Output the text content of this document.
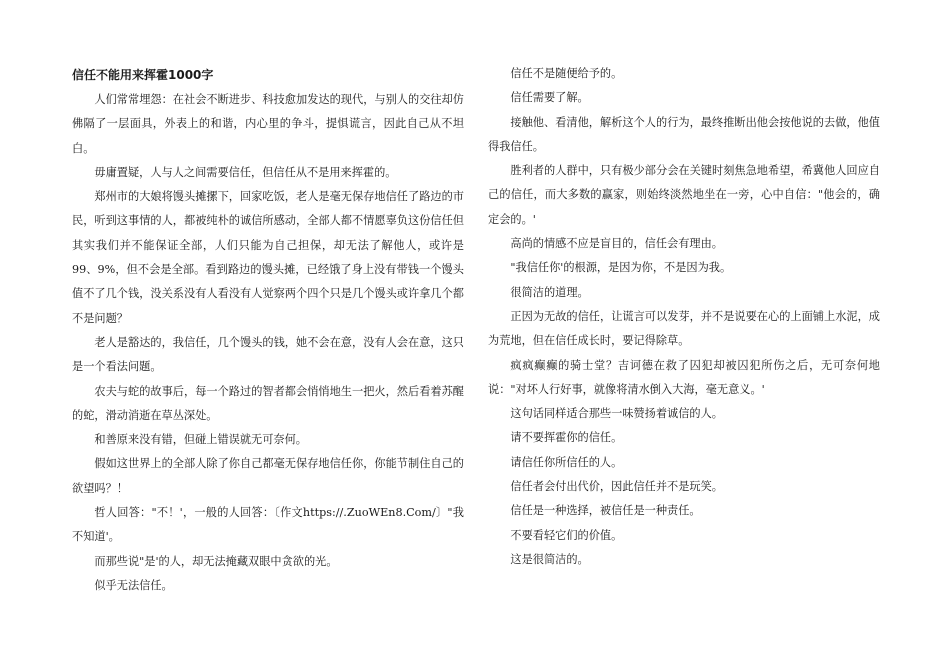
信任不能用来挥霍1000字

人们常常埋怨：在社会不断进步、科技愈加发达的现代，与别人的交往却仿佛隔了一层面具，外表上的和谐，内心里的争斗，提惧谎言，因此自己从不坦白。

毋庸置疑，人与人之间需要信任，但信任从不是用来挥霍的。

郑州市的大娘将馒头摊摞下，回家吃饭，老人是毫无保存地信任了路边的市民，听到这事情的人，都被纯朴的诚信所感动，全部人都不情愿辜负这份信任但其实我们并不能保证全部，人们只能为自己担保，却无法了解他人，或许是99、9%，但不会是全部。看到路边的馒头摊，已经饿了身上没有带钱一个馒头值不了几个钱，没关系没有人看没有人觉察两个四个只是几个馒头或许拿几个都不是问题？

老人是豁达的，我信任，几个馒头的钱，她不会在意，没有人会在意，这只是一个看法问题。

农夫与蛇的故事后，每一个路过的智者都会悄悄地生一把火，然后看着苏醒的蛇，滑动消逝在草丛深处。

和善原来没有错，但碰上错误就无可奈何。

假如这世界上的全部人除了你自己都毫无保存地信任你，你能节制住自己的欲望吗？！

哲人回答："不！'，一般的人回答：〔作文https://.ZuoWEn8.Com/〕"我不知道'。

而那些说"是'的人，却无法掩藏双眼中贪欲的光。

似乎无法信任。

信任不是随便给予的。

信任需要了解。

接触他、看清他，解析这个人的行为，最终推断出他会按他说的去做，他值得我信任。

胜利者的人群中，只有极少部分会在关键时刻焦急地希望，希冀他人回应自己的信任，而大多数的赢家，则始终淡然地坐在一旁，心中自信："他会的，确定会的。'

高尚的情感不应是盲目的，信任会有理由。

"我信任你'的根源，是因为你，不是因为我。

很简洁的道理。

正因为无故的信任，让谎言可以发芽，并不是说要在心的上面铺上水泥，成为荒地，但在信任成长时，要记得除草。

疯疯癫癫的骑士堂？吉诃德在救了囚犯却被囚犯所伤之后，无可奈何地说："对坏人行好事，就像将清水倒入大海，毫无意义。'

这句话同样适合那些一味赞扬着诚信的人。

请不要挥霍你的信任。

请信任你所信任的人。

信任者会付出代价，因此信任并不是玩笑。

信任是一种选择，被信任是一种责任。

不要看轻它们的价值。

这是很简洁的。
